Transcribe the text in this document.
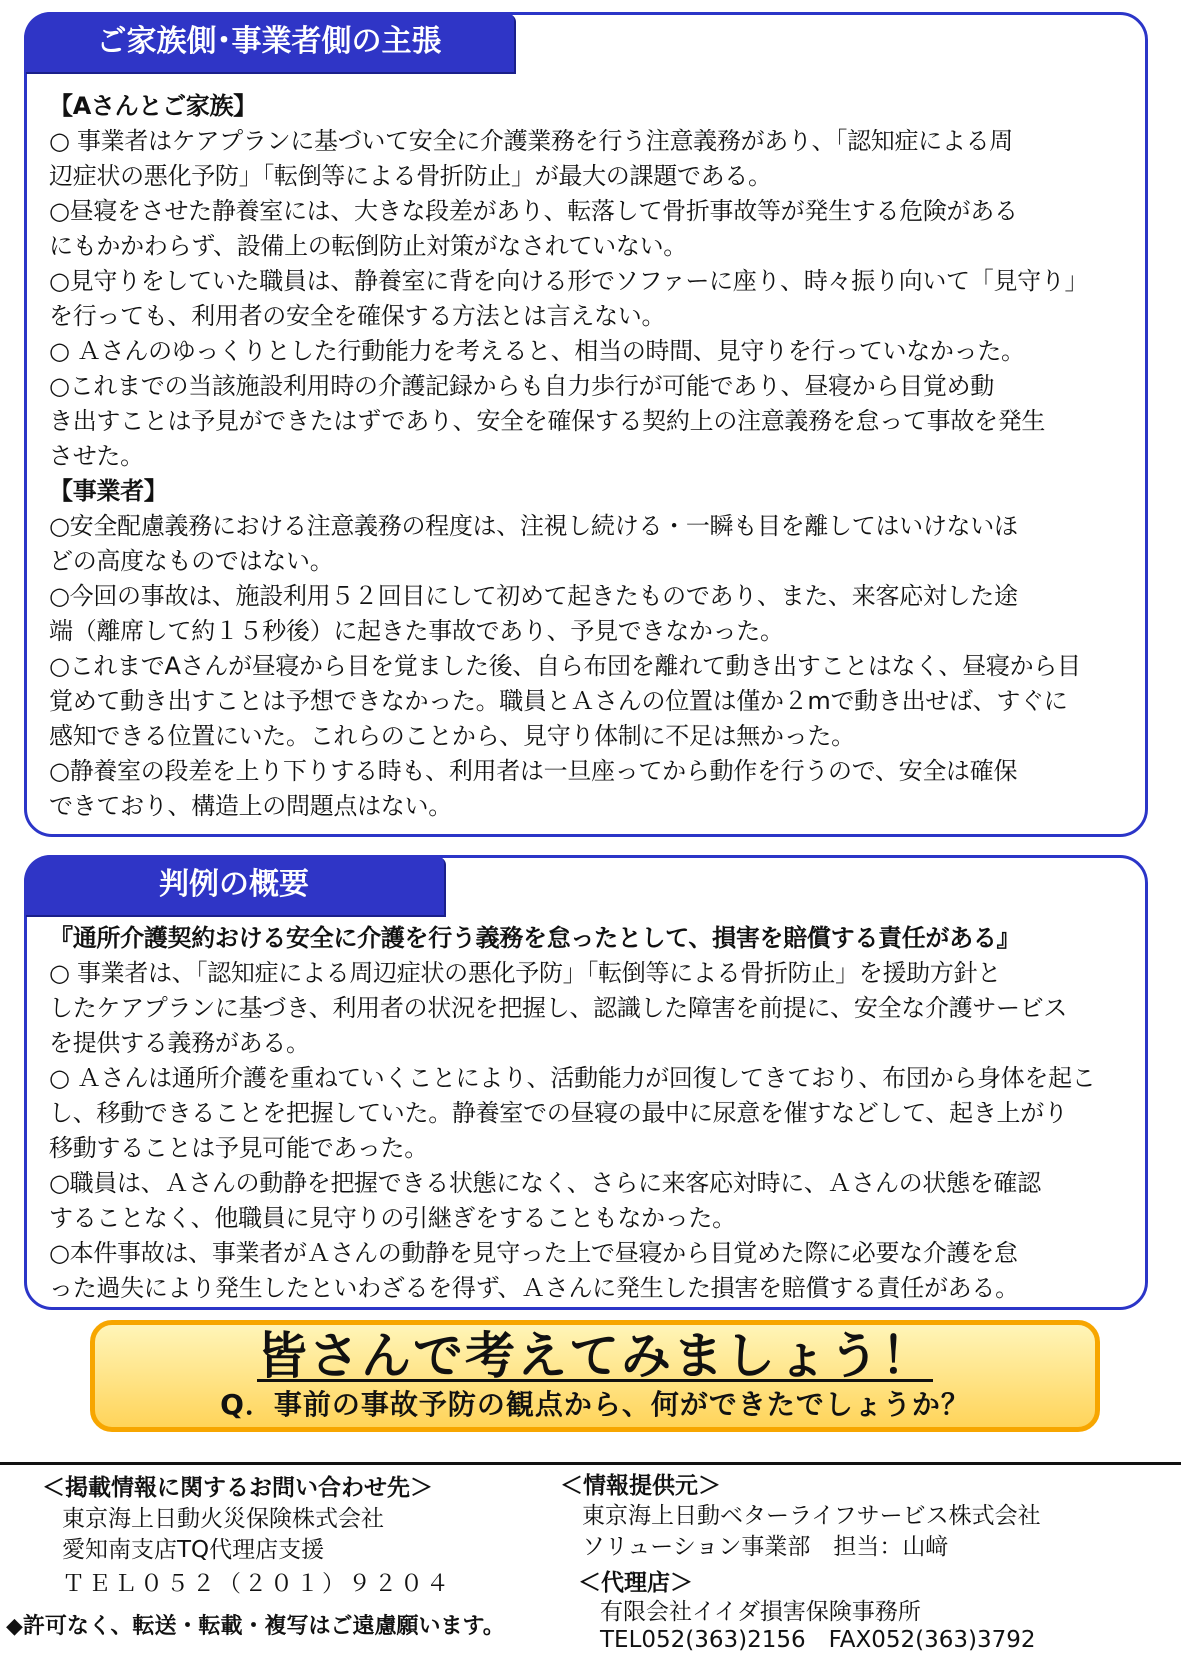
ご家族側･事業者側の主張
【Aさんとご家族】
○ 事業者はケアプランに基づいて安全に介護業務を行う注意義務があり、「認知症による周
辺症状の悪化予防」「転倒等による骨折防止」が最大の課題である。
○昼寝をさせた静養室には、大きな段差があり、転落して骨折事故等が発生する危険がある
にもかかわらず、設備上の転倒防止対策がなされていない。
○見守りをしていた職員は、静養室に背を向ける形でソファーに座り、時々振り向いて「見守り」
を行っても、利用者の安全を確保する方法とは言えない。
○ Ａさんのゆっくりとした行動能力を考えると、相当の時間、見守りを行っていなかった。
○これまでの当該施設利用時の介護記録からも自力歩行が可能であり、昼寝から目覚め動
き出すことは予見ができたはずであり、安全を確保する契約上の注意義務を怠って事故を発生
させた。
【事業者】
○安全配慮義務における注意義務の程度は、注視し続ける・一瞬も目を離してはいけないほ
どの高度なものではない。
○今回の事故は、施設利用５２回目にして初めて起きたものであり、また、来客応対した途
端（離席して約１５秒後）に起きた事故であり、予見できなかった。
○これまでAさんが昼寝から目を覚ました後、自ら布団を離れて動き出すことはなく、昼寝から目
覚めて動き出すことは予想できなかった。職員とＡさんの位置は僅か２mで動き出せば、すぐに
感知できる位置にいた。これらのことから、見守り体制に不足は無かった。
○静養室の段差を上り下りする時も、利用者は一旦座ってから動作を行うので、安全は確保
できており、構造上の問題点はない。
判例の概要
『通所介護契約おける安全に介護を行う義務を怠ったとして、損害を賠償する責任がある』
○ 事業者は、「認知症による周辺症状の悪化予防」「転倒等による骨折防止」を援助方針と
したケアプランに基づき、利用者の状況を把握し、認識した障害を前提に、安全な介護サービス
を提供する義務がある。
○ Ａさんは通所介護を重ねていくことにより、活動能力が回復してきており、布団から身体を起こ
し、移動できることを把握していた。静養室での昼寝の最中に尿意を催すなどして、起き上がり
移動することは予見可能であった。
○職員は、Ａさんの動静を把握できる状態になく、さらに来客応対時に、Ａさんの状態を確認
することなく、他職員に見守りの引継ぎをすることもなかった。
○本件事故は、事業者がＡさんの動静を見守った上で昼寝から目覚めた際に必要な介護を怠
った過失により発生したといわざるを得ず、Ａさんに発生した損害を賠償する責任がある。
皆さんで考えてみましょう！
Q．事前の事故予防の観点から、何ができたでしょうか？
＜掲載情報に関するお問い合わせ先＞
東京海上日動火災保険株式会社
愛知南支店TQ代理店支援
ＴＥＬ０５２（２０１）９２０４
◆許可なく、転送・転載・複写はご遠慮願います。
＜情報提供元＞
東京海上日動ベターライフサービス株式会社
ソリューション事業部　担当：山﨑
＜代理店＞
有限会社イイダ損害保険事務所
TEL052(363)2156　FAX052(363)3792
